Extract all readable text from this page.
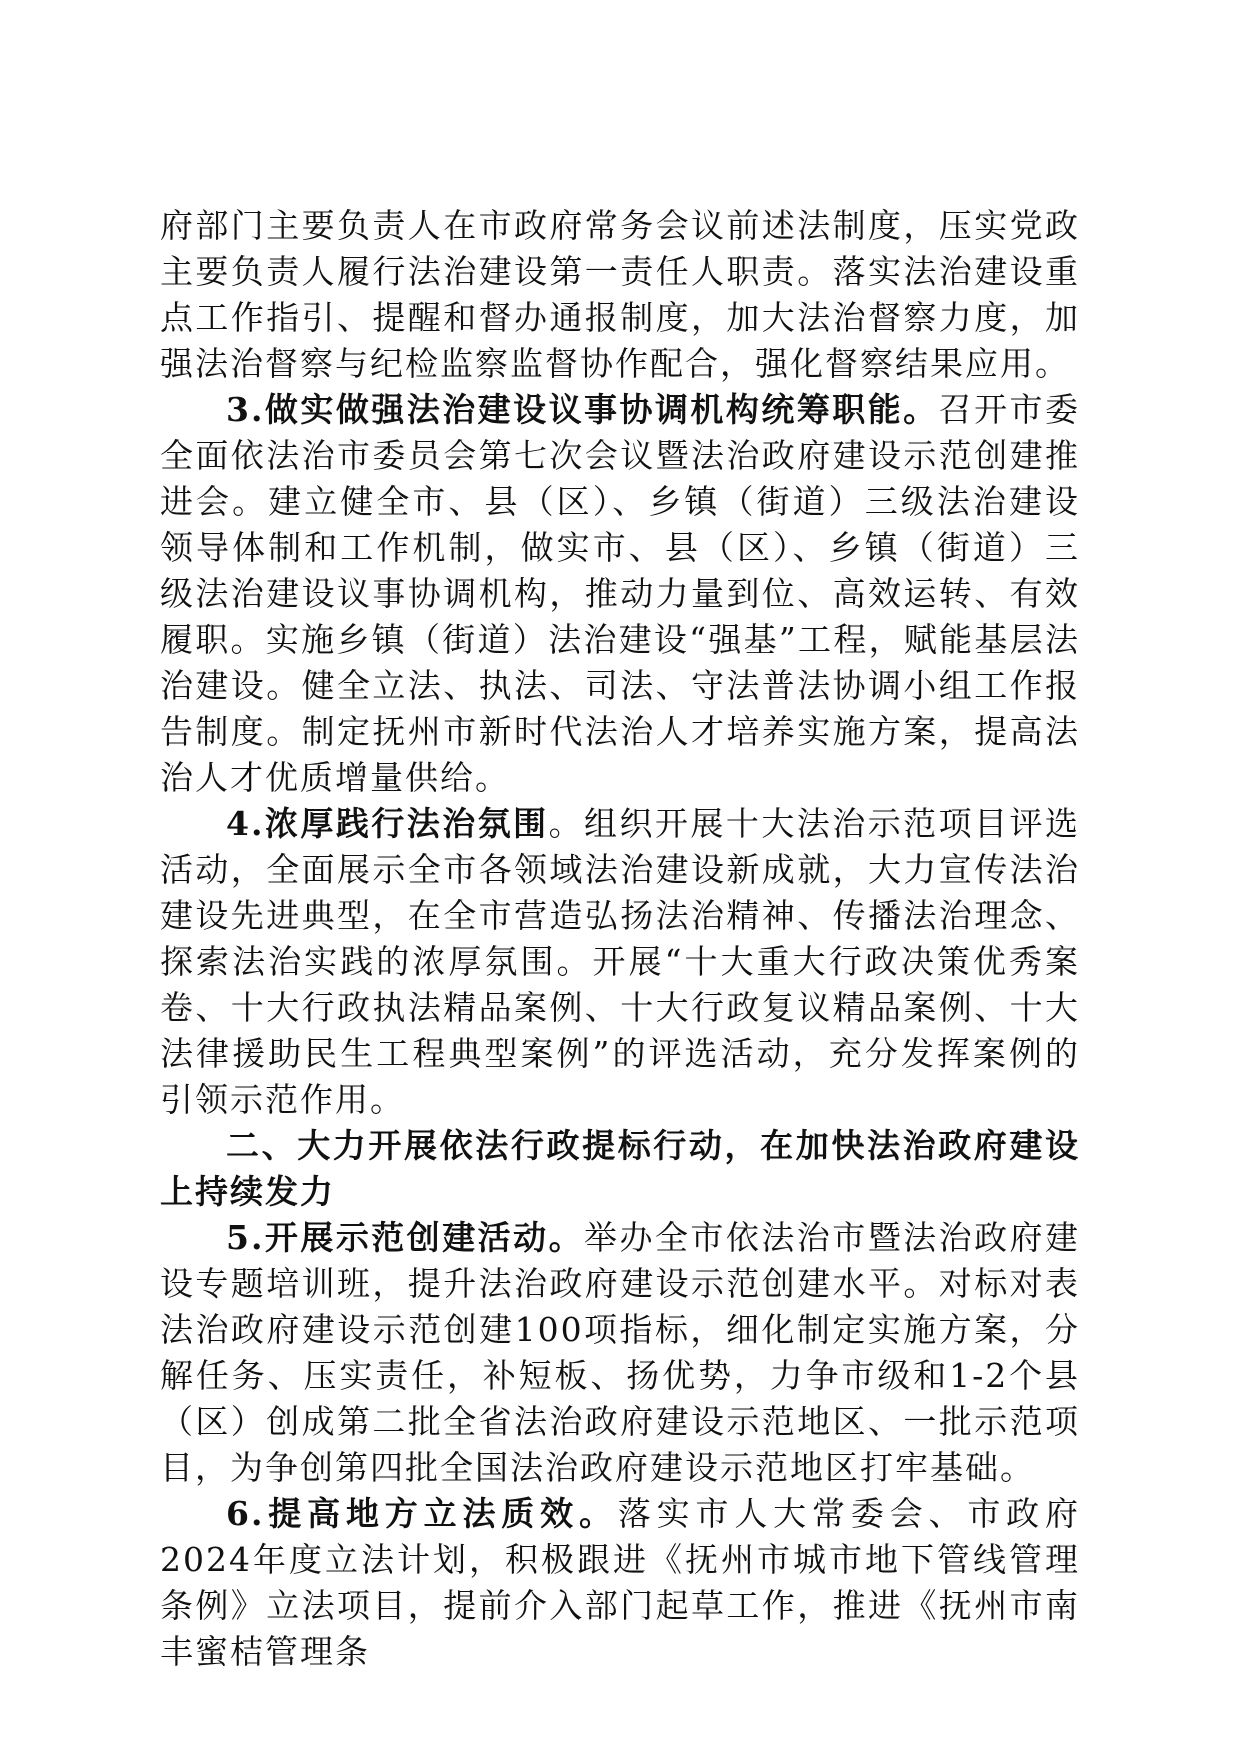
府部门主要负责人在市政府常务会议前述法制度，压实党政主要负责人履行法治建设第一责任人职责。落实法治建设重点工作指引、提醒和督办通报制度，加大法治督察力度，加强法治督察与纪检监察监督协作配合，强化督察结果应用。

3.做实做强法治建设议事协调机构统筹职能。召开市委全面依法治市委员会第七次会议暨法治政府建设示范创建推进会。建立健全市、县（区）、乡镇（街道）三级法治建设领导体制和工作机制，做实市、县（区）、乡镇（街道）三级法治建设议事协调机构，推动力量到位、高效运转、有效履职。实施乡镇（街道）法治建设“强基”工程，赋能基层法治建设。健全立法、执法、司法、守法普法协调小组工作报告制度。制定抚州市新时代法治人才培养实施方案，提高法治人才优质增量供给。

4.浓厚践行法治氛围。组织开展十大法治示范项目评选活动，全面展示全市各领域法治建设新成就，大力宣传法治建设先进典型，在全市营造弘扬法治精神、传播法治理念、探索法治实践的浓厚氛围。开展“十大重大行政决策优秀案卷、十大行政执法精品案例、十大行政复议精品案例、十大法律援助民生工程典型案例”的评选活动，充分发挥案例的引领示范作用。

二、大力开展依法行政提标行动，在加快法治政府建设上持续发力

5.开展示范创建活动。举办全市依法治市暨法治政府建设专题培训班，提升法治政府建设示范创建水平。对标对表法治政府建设示范创建100项指标，细化制定实施方案，分解任务、压实责任，补短板、扬优势，力争市级和1-2个县（区）创成第二批全省法治政府建设示范地区、一批示范项目，为争创第四批全国法治政府建设示范地区打牢基础。

6.提高地方立法质效。落实市人大常委会、市政府2024年度立法计划，积极跟进《抚州市城市地下管线管理条例》立法项目，提前介入部门起草工作，推进《抚州市南丰蜜桔管理条
